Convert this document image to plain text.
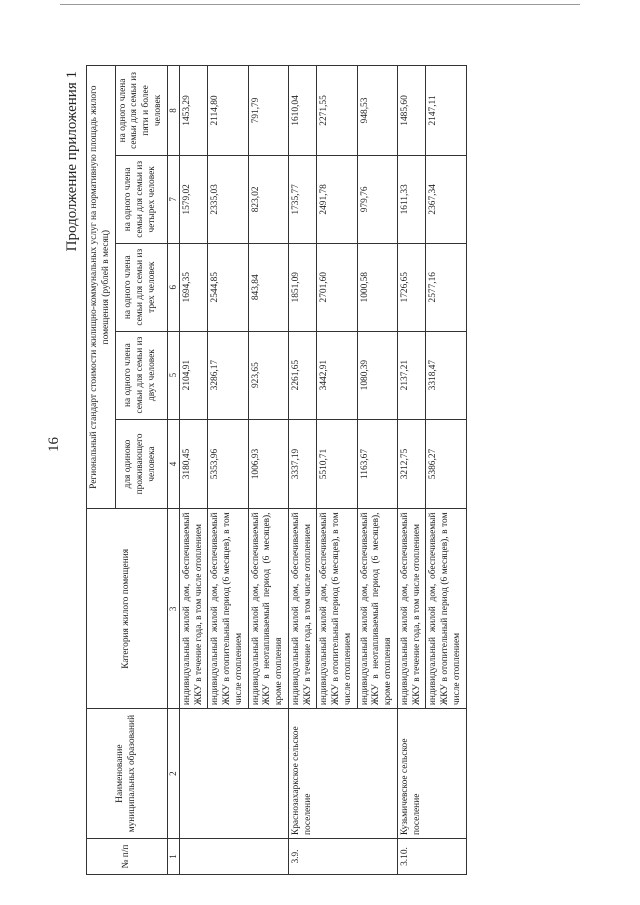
16
Продолжение приложения 1
№ п/п	Наименование муниципальных образований	Категория жилого помещения	Региональный стандарт стоимости жилищно-коммунальных услуг на нормативную площадь жилого помещения (рублей в месяц)				
			для одиноко проживающего человека	на одного члена семьи для семьи из двух человек	на одного члена семьи для семьи из трех человек	на одного члена семьи для семьи из четырех человек	на одного члена семьи для семьи из пяти и более человек
1	2	3	4	5	6	7	8
		индивидуальный жилой дом, обеспечиваемый ЖКУ в течение года, в том числе отоплением	3180,45	2104,91	1694,35	1579,02	1453,29
		индивидуальный жилой дом, обеспечиваемый ЖКУ в отопительный период (6 месяцев), в том числе отоплением	5353,96	3286,17	2544,85	2335,03	2114,80
		индивидуальный жилой дом, обеспечиваемый ЖКУ в неотапливаемый период (6 месяцев), кроме отопления	1006,93	923,65	843,84	823,02	791,79
3.9.	Краснозахаркское сельское поселение	индивидуальный жилой дом, обеспечиваемый ЖКУ в течение года, в том числе отоплением	3337,19	2261,65	1851,09	1735,77	1610,04
		индивидуальный жилой дом, обеспечиваемый ЖКУ в отопительный период (6 месяцев), в том числе отоплением	5510,71	3442,91	2701,60	2491,78	2271,55
		индивидуальный жилой дом, обеспечиваемый ЖКУ в неотапливаемый период (6 месяцев), кроме отопления	1163,67	1080,39	1000,58	979,76	948,53
3.10.	Кузьмичевское сельское поселение	индивидуальный жилой дом, обеспечиваемый ЖКУ в течение года, в том числе отоплением	3212,75	2137,21	1726,65	1611,33	1485,60
		индивидуальный жилой дом, обеспечиваемый ЖКУ в отопительный период (6 месяцев), в том числе отоплением	5386,27	3318,47	2577,16	2367,34	2147,11
